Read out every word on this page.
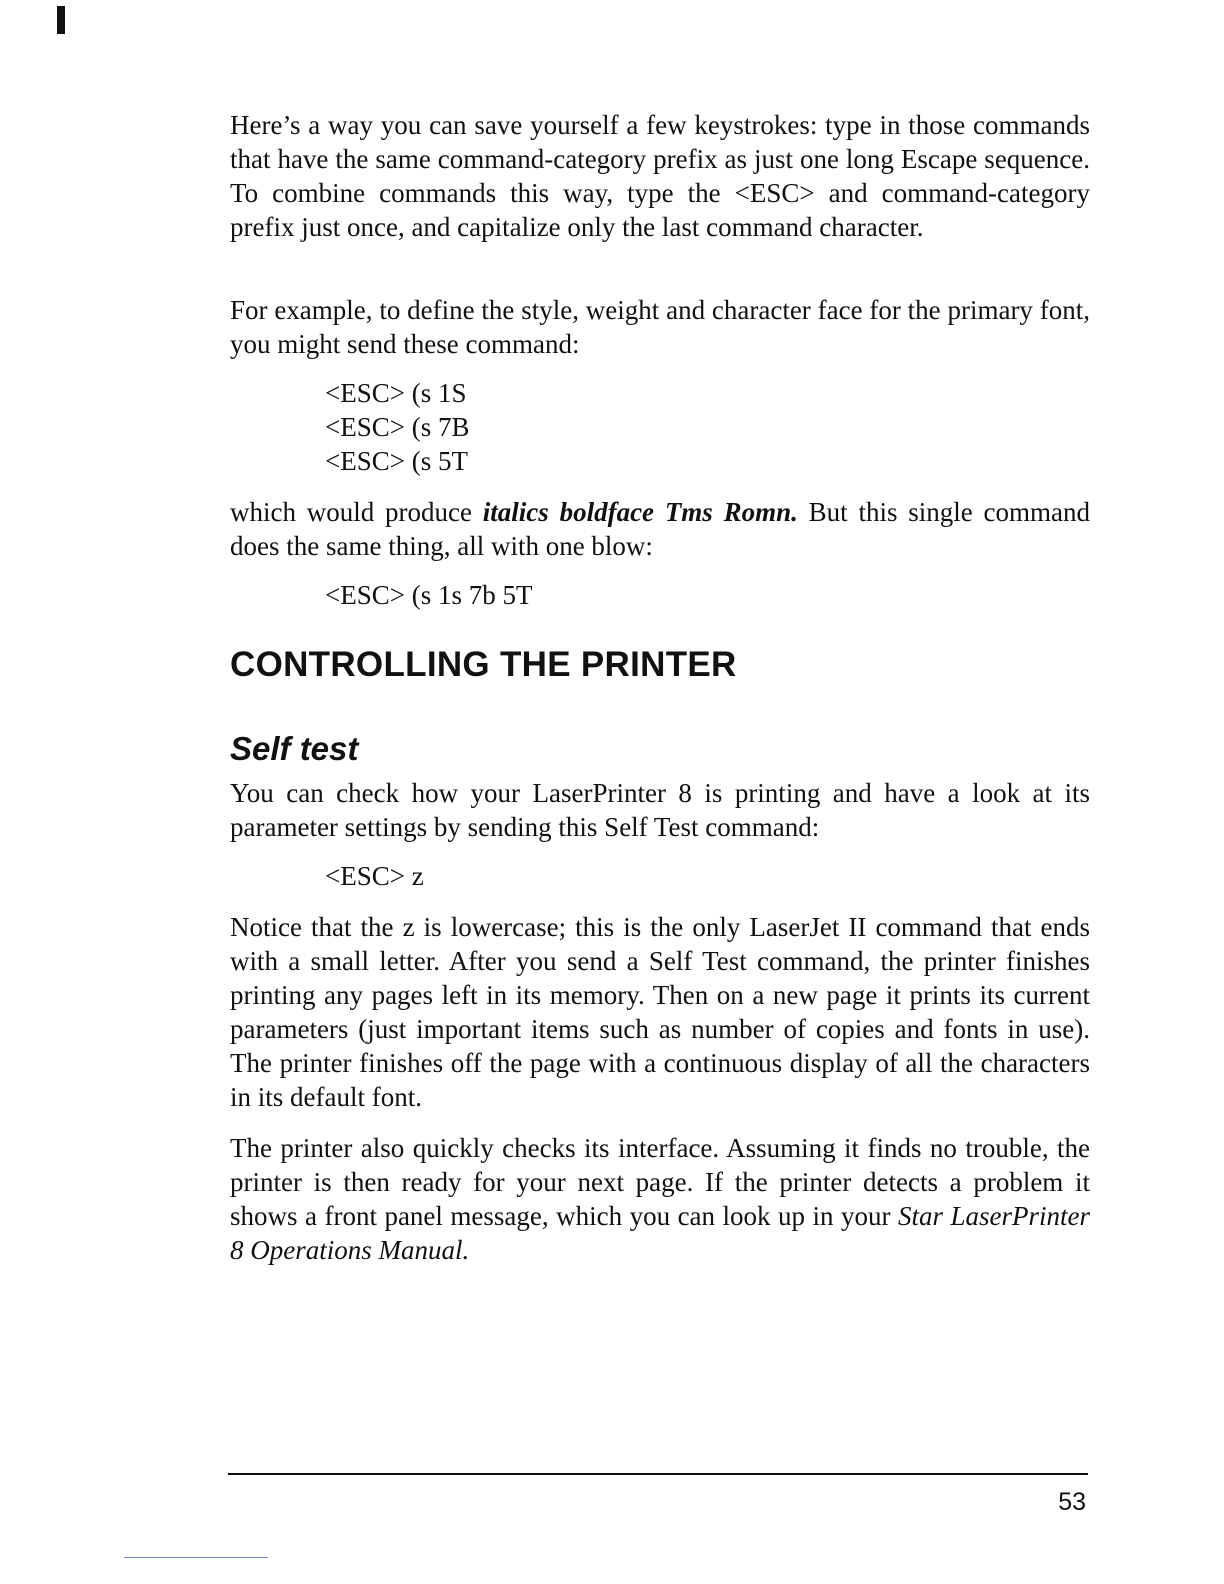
Here’s a way you can save yourself a few keystrokes: type in those commands that have the same command-category prefix as just one long Escape sequence. To combine commands this way, type the <ESC> and command-category prefix just once, and capitalize only the last command character.

For example, to define the style, weight and character face for the primary font, you might send these command:

<ESC> (s 1S

<ESC> (s 7B

<ESC> (s 5T

which would produce italics boldface Tms Romn. But this single command does the same thing, all with one blow:

<ESC> (s 1s 7b 5T

CONTROLLING THE PRINTER
Self test

You can check how your LaserPrinter 8 is printing and have a look at its parameter settings by sending this Self Test command:

<ESC> z

Notice that the z is lowercase; this is the only LaserJet II command that ends with a small letter. After you send a Self Test command, the printer finishes printing any pages left in its memory. Then on a new page it prints its current parameters (just important items such as number of copies and fonts in use). The printer finishes off the page with a continuous display of all the characters in its default font.

The printer also quickly checks its interface. Assuming it finds no trouble, the printer is then ready for your next page. If the printer detects a problem it shows a front panel message, which you can look up in your Star LaserPrinter 8 Operations Manual.

53
